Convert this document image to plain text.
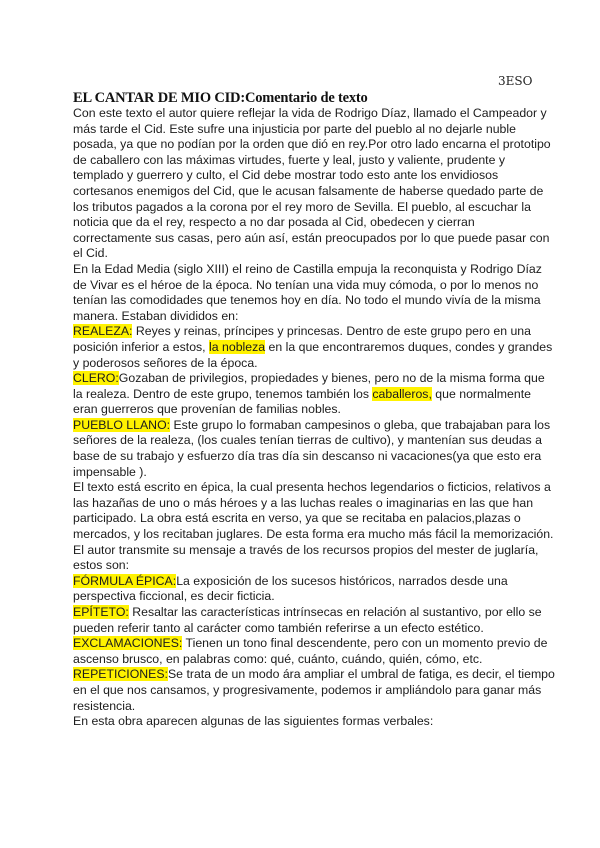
3ESO
EL CANTAR DE MIO CID:Comentario de texto

Con este texto el autor quiere reflejar la vida de Rodrigo Díaz, llamado el Campeador y más tarde el Cid. Este sufre una injusticia por parte del pueblo al no dejarle nuble posada, ya que no podían por la orden que dió en rey.Por otro lado encarna el prototipo de caballero con las máximas virtudes, fuerte y leal, justo y valiente, prudente y templado y guerrero y culto, el Cid debe mostrar todo esto ante los envidiosos cortesanos enemigos del Cid, que le acusan falsamente de haberse quedado parte de los tributos pagados a la corona por el rey moro de Sevilla. El pueblo, al escuchar la noticia que da el rey, respecto a no dar posada al Cid, obedecen y cierran correctamente sus casas, pero aún así, están preocupados por lo que puede pasar con el Cid.

En la Edad Media (siglo XIII) el reino de Castilla empuja la reconquista y Rodrigo Díaz de Vivar es el héroe de la época. No tenían una vida muy cómoda, o por lo menos no tenían las comodidades que tenemos hoy en día. No todo el mundo vivía de la misma manera. Estaban divididos en:

REALEZA: Reyes y reinas, príncipes y princesas. Dentro de este grupo pero en una posición inferior a estos, la nobleza en la que encontraremos duques, condes y grandes y poderosos señores de la época.

CLERO:Gozaban de privilegios, propiedades y bienes, pero no de la misma forma que la realeza. Dentro de este grupo, tenemos también los caballeros, que normalmente eran guerreros que provenían de familias nobles.

PUEBLO LLANO: Este grupo lo formaban campesinos o gleba, que trabajaban para los señores de la realeza, (los cuales tenían tierras de cultivo), y mantenían sus deudas a base de su trabajo y esfuerzo día tras día sin descanso ni vacaciones(ya que esto era impensable ).

El texto está escrito en épica, la cual presenta hechos legendarios o ficticios, relativos a las hazañas de uno o más héroes y a las luchas reales o imaginarias en las que han participado. La obra está escrita en verso, ya que se recitaba en palacios,plazas o mercados, y los recitaban juglares. De esta forma era mucho más fácil la memorización.

El autor transmite su mensaje a través de los recursos propios del mester de juglaría, estos son:

FÓRMULA ÉPICA:La exposición de los sucesos históricos, narrados desde una perspectiva ficcional, es decir ficticia.

EPÍTETO: Resaltar las características intrínsecas en relación al sustantivo, por ello se pueden referir tanto al carácter como también referirse a un efecto estético.

EXCLAMACIONES: Tienen un tono final descendente, pero con un momento previo de ascenso brusco, en palabras como: qué, cuánto, cuándo, quién, cómo, etc.

REPETICIONES:Se trata de un modo ára ampliar el umbral de fatiga, es decir, el tiempo en el que nos cansamos, y progresivamente, podemos ir ampliándolo para ganar más resistencia.

En esta obra aparecen algunas de las siguientes formas verbales:
